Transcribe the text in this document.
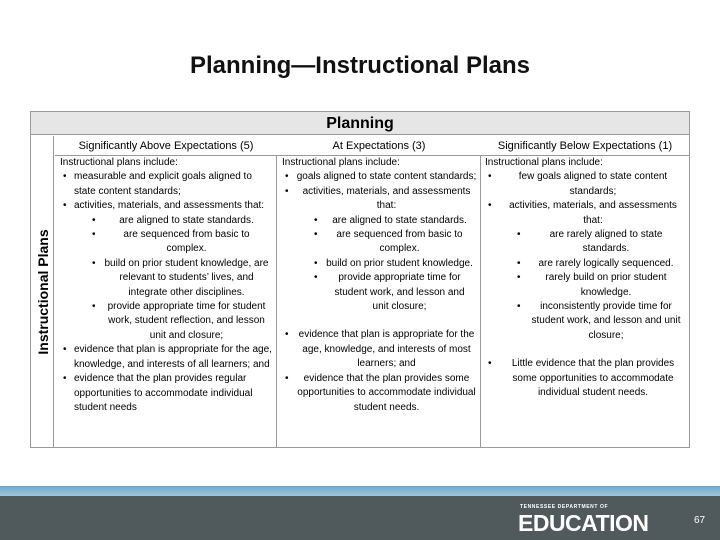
Planning—Instructional Plans
Planning
Instructional Plans
Significantly Above Expectations (5)	At Expectations (3)	Significantly Below Expectations (1)
Instructional plans include:
• measurable and explicit goals aligned to state content standards;
• activities, materials, and assessments that:
• are aligned to state standards.
• are sequenced from basic to complex.
• build on prior student knowledge, are relevant to students’ lives, and integrate other disciplines.
• provide appropriate time for student work, student reflection, and lesson unit and closure;
• evidence that plan is appropriate for the age, knowledge, and interests of all learners; and
• evidence that the plan provides regular opportunities to accommodate individual student needs
Instructional plans include:
• goals aligned to state content standards;
• activities, materials, and assessments that:
• are aligned to state standards.
• are sequenced from basic to complex.
• build on prior student knowledge.
• provide appropriate time for student work, and lesson and unit closure;
• evidence that plan is appropriate for the age, knowledge, and interests of most learners; and
• evidence that the plan provides some opportunities to accommodate individual student needs.
Instructional plans include:
• few goals aligned to state content standards;
• activities, materials, and assessments that:
• are rarely aligned to state standards.
• are rarely logically sequenced.
• rarely build on prior student knowledge.
• inconsistently provide time for student work, and lesson and unit closure;
• Little evidence that the plan provides some opportunities to accommodate individual student needs.
TENNESSEE DEPARTMENT OF
EDUCATION	67
